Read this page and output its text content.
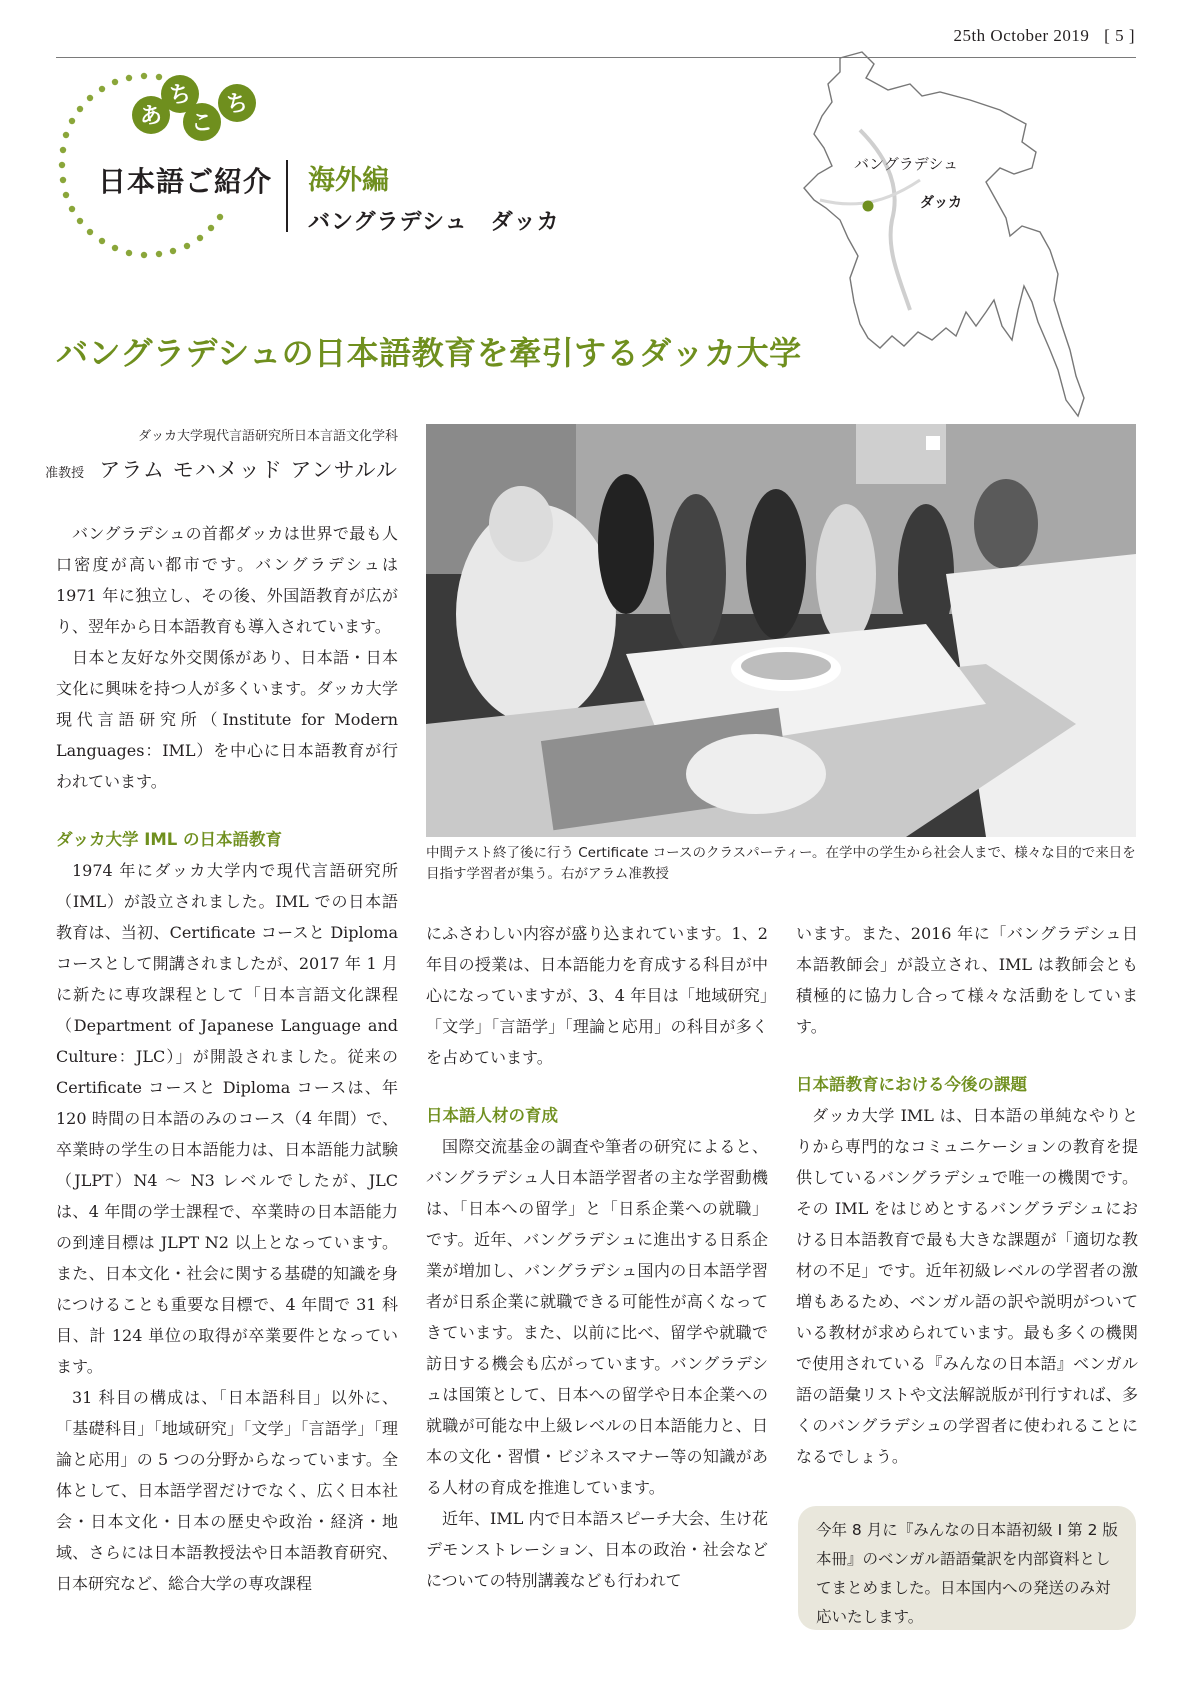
25th October 2019 [ 5 ]
あ
ち
こ
ち
日本語ご紹介 海外編
バングラデシュ　ダッカ
バングラデシュ
ダッカ
バングラデシュの日本語教育を牽引するダッカ大学
ダッカ大学現代言語研究所日本言語文化学科
准教授 アラム モハメッド アンサルル
中間テスト終了後に行う Certificate コースのクラスパーティー。在学中の学生から社会人まで、様々な目的で来日を目指す学習者が集う。右がアラム准教授

バングラデシュの首都ダッカは世界で最も人口密度が高い都市です。バングラデシュは 1971 年に独立し、その後、外国語教育が広がり、翌年から日本語教育も導入されています。

日本と友好な外交関係があり、日本語・日本文化に興味を持つ人が多くいます。ダッカ大学現代言語研究所（Institute for Modern Languages：IML）を中心に日本語教育が行われています。

ダッカ大学 IML の日本語教育

1974 年にダッカ大学内で現代言語研究所（IML）が設立されました。IML での日本語教育は、当初、Certificate コースと Diploma コースとして開講されましたが、2017 年 1 月に新たに専攻課程として「日本言語文化課程（Department of Japanese Language and Culture：JLC）」が開設されました。従来の Certificate コースと Diploma コースは、年 120 時間の日本語のみのコース（4 年間）で、卒業時の学生の日本語能力は、日本語能力試験（JLPT）N4 〜 N3 レベルでしたが、JLC は、4 年間の学士課程で、卒業時の日本語能力の到達目標は JLPT N2 以上となっています。また、日本文化・社会に関する基礎的知識を身につけることも重要な目標で、4 年間で 31 科目、計 124 単位の取得が卒業要件となっています。

31 科目の構成は、「日本語科目」以外に、「基礎科目」「地域研究」「文学」「言語学」「理論と応用」の 5 つの分野からなっています。全体として、日本語学習だけでなく、広く日本社会・日本文化・日本の歴史や政治・経済・地域、さらには日本語教授法や日本語教育研究、日本研究など、総合大学の専攻課程

にふさわしい内容が盛り込まれています。1、2 年目の授業は、日本語能力を育成する科目が中心になっていますが、3、4 年目は「地域研究」「文学」「言語学」「理論と応用」の科目が多くを占めています。

日本語人材の育成

国際交流基金の調査や筆者の研究によると、バングラデシュ人日本語学習者の主な学習動機は、「日本への留学」と「日系企業への就職」です。近年、バングラデシュに進出する日系企業が増加し、バングラデシュ国内の日本語学習者が日系企業に就職できる可能性が高くなってきています。また、以前に比べ、留学や就職で訪日する機会も広がっています。バングラデシュは国策として、日本への留学や日本企業への就職が可能な中上級レベルの日本語能力と、日本の文化・習慣・ビジネスマナー等の知識がある人材の育成を推進しています。

近年、IML 内で日本語スピーチ大会、生け花デモンストレーション、日本の政治・社会などについての特別講義なども行われて

います。また、2016 年に「バングラデシュ日本語教師会」が設立され、IML は教師会とも積極的に協力し合って様々な活動をしています。

日本語教育における今後の課題

ダッカ大学 IML は、日本語の単純なやりとりから専門的なコミュニケーションの教育を提供しているバングラデシュで唯一の機関です。その IML をはじめとするバングラデシュにおける日本語教育で最も大きな課題が「適切な教材の不足」です。近年初級レベルの学習者の激増もあるため、ベンガル語の訳や説明がついている教材が求められています。最も多くの機関で使用されている『みんなの日本語』ベンガル語の語彙リストや文法解説版が刊行すれば、多くのバングラデシュの学習者に使われることになるでしょう。

今年 8 月に『みんなの日本語初級 I 第 2 版本冊』のベンガル語語彙訳を内部資料としてまとめました。日本国内への発送のみ対応いたします。
